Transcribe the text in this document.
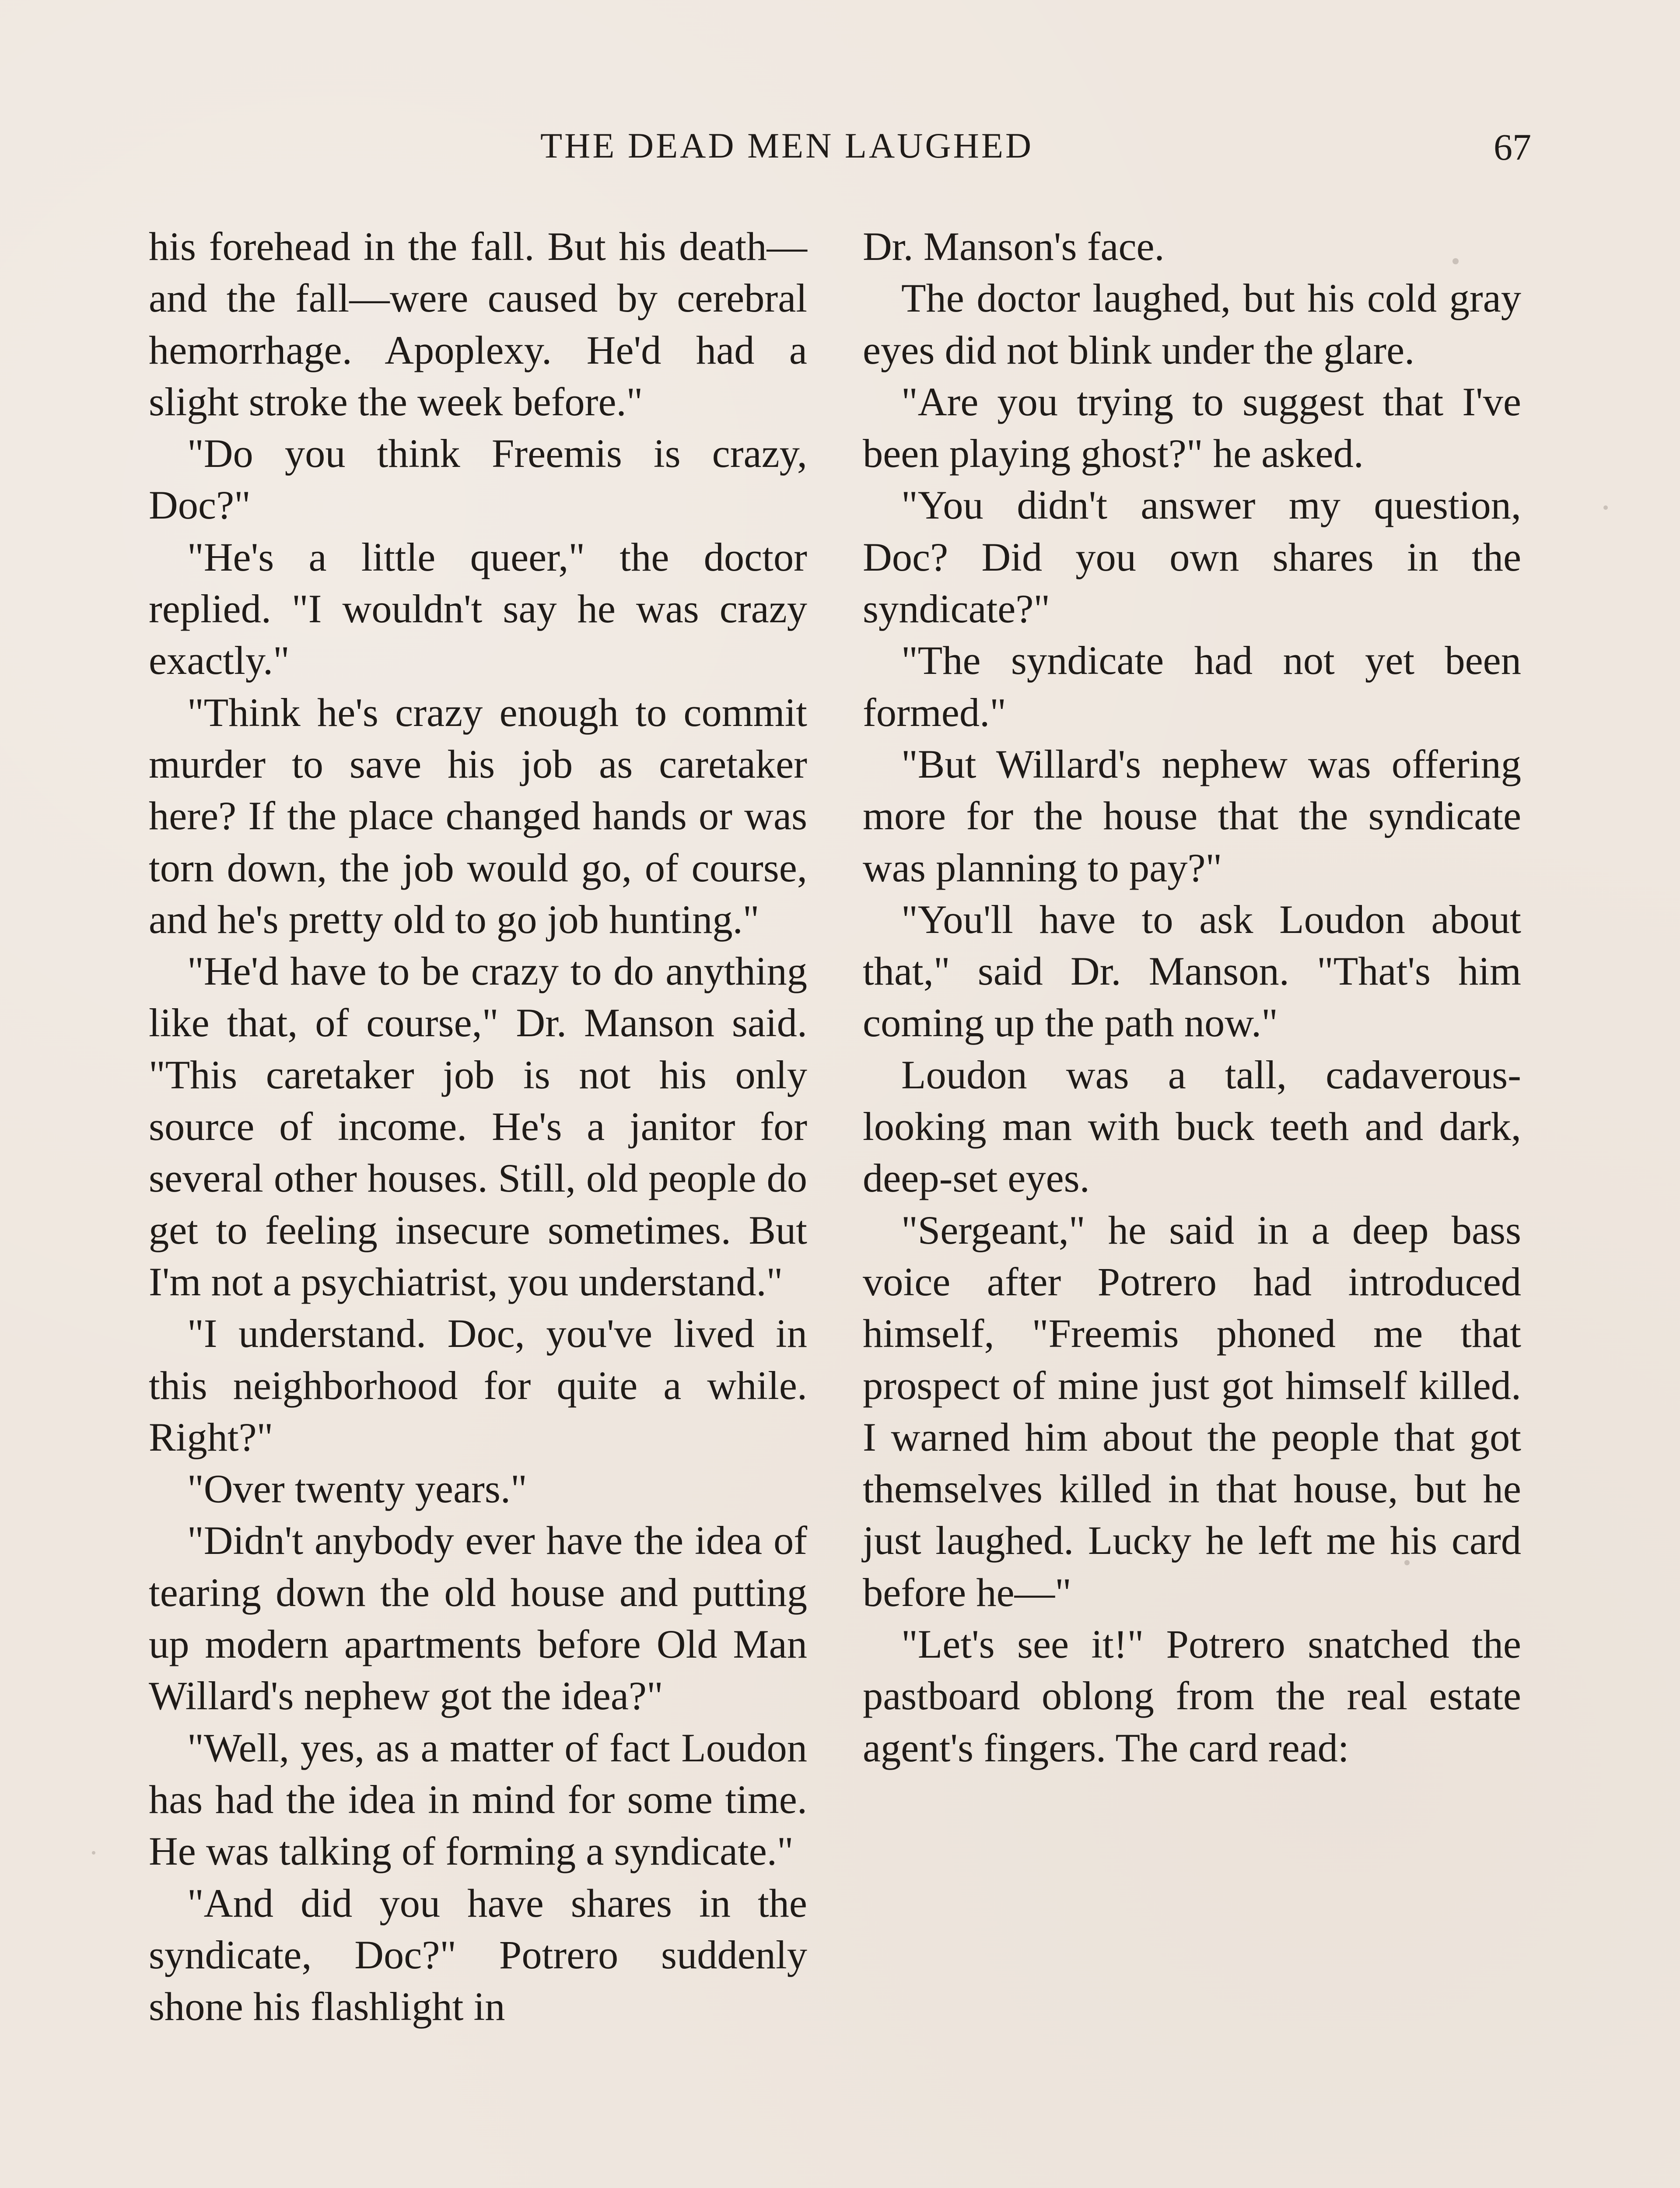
THE DEAD MEN LAUGHED	67

his forehead in the fall. But his death—and the fall—were caused by cerebral hemorrhage. Apoplexy. He'd had a slight stroke the week before."

"Do you think Freemis is crazy, Doc?"

"He's a little queer," the doctor replied. "I wouldn't say he was crazy exactly."

"Think he's crazy enough to commit murder to save his job as caretaker here? If the place changed hands or was torn down, the job would go, of course, and he's pretty old to go job hunting."

"He'd have to be crazy to do anything like that, of course," Dr. Manson said. "This caretaker job is not his only source of income. He's a janitor for several other houses. Still, old people do get to feeling insecure sometimes. But I'm not a psychiatrist, you understand."

"I understand. Doc, you've lived in this neighborhood for quite a while. Right?"

"Over twenty years."

"Didn't anybody ever have the idea of tearing down the old house and putting up modern apartments before Old Man Willard's nephew got the idea?"

"Well, yes, as a matter of fact Loudon has had the idea in mind for some time. He was talking of forming a syndicate."

"And did you have shares in the syndicate, Doc?" Potrero suddenly shone his flashlight in

Dr. Manson's face.

The doctor laughed, but his cold gray eyes did not blink under the glare.

"Are you trying to suggest that I've been playing ghost?" he asked.

"You didn't answer my question, Doc? Did you own shares in the syndicate?"

"The syndicate had not yet been formed."

"But Willard's nephew was offering more for the house that the syndicate was planning to pay?"

"You'll have to ask Loudon about that," said Dr. Manson. "That's him coming up the path now."

Loudon was a tall, cadaverous-looking man with buck teeth and dark, deep-set eyes.

"Sergeant," he said in a deep bass voice after Potrero had introduced himself, "Freemis phoned me that prospect of mine just got himself killed. I warned him about the people that got themselves killed in that house, but he just laughed. Lucky he left me his card before he—"

"Let's see it!" Potrero snatched the pastboard oblong from the real estate agent's fingers. The card read:
